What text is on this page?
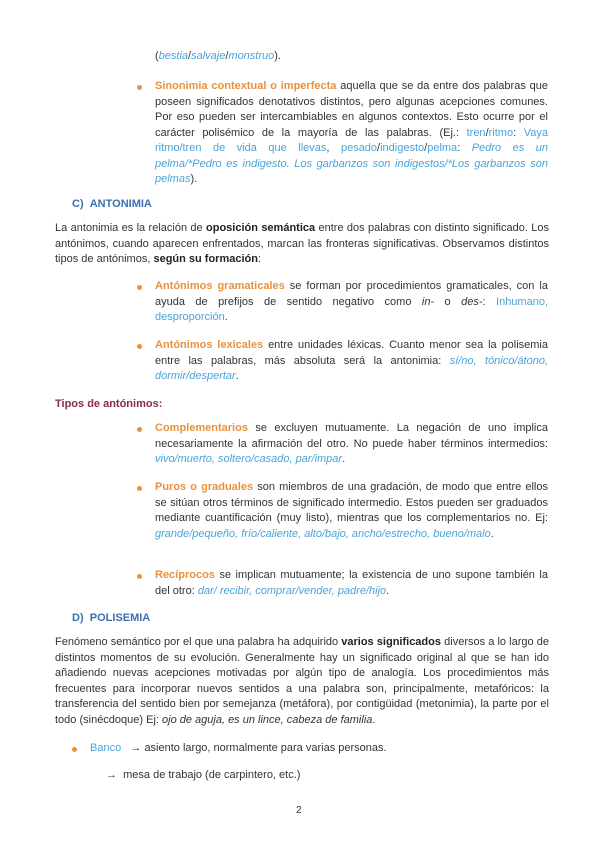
(bestia/salvaje/monstruo).
Sinonimia contextual o imperfecta aquella que se da entre dos palabras que poseen significados denotativos distintos, pero algunas acepciones comunes. Por eso pueden ser intercambiables en algunos contextos. Esto ocurre por el carácter polisémico de la mayoría de las palabras. (Ej.: tren/ritmo: Vaya ritmo/tren de vida que llevas, pesado/indigesto/pelma: Pedro es un pelma/*Pedro es indigesto. Los garbanzos son indigestos/*Los garbanzos son pelmas).
C) ANTONIMIA
La antonimia es la relación de oposición semántica entre dos palabras con distinto significado. Los antónimos, cuando aparecen enfrentados, marcan las fronteras significativas. Observamos distintos tipos de antónimos, según su formación:
Antónimos gramaticales se forman por procedimientos gramaticales, con la ayuda de prefijos de sentido negativo como in- o des-: Inhumano, desproporción.
Antónimos lexicales entre unidades léxicas. Cuanto menor sea la polisemia entre las palabras, más absoluta será la antonimia: sí/no, tónico/átono, dormir/despertar.
Tipos de antónimos:
Complementarios se excluyen mutuamente. La negación de uno implica necesariamente la afirmación del otro. No puede haber términos intermedios: vivo/muerto, soltero/casado, par/impar.
Puros o graduales son miembros de una gradación, de modo que entre ellos se sitúan otros términos de significado intermedio. Estos pueden ser graduados mediante cuantificación (muy listo), mientras que los complementarios no. Ej: grande/pequeño, frío/caliente, alto/bajo, ancho/estrecho, bueno/malo.
Recíprocos se implican mutuamente; la existencia de uno supone también la del otro: dar/ recibir, comprar/vender, padre/hijo.
D) POLISEMIA
Fenómeno semántico por el que una palabra ha adquirido varios significados diversos a lo largo de distintos momentos de su evolución. Generalmente hay un significado original al que se han ido añadiendo nuevas acepciones motivadas por algún tipo de analogía. Los procedimientos más frecuentes para incorporar nuevos sentidos a una palabra son, principalmente, metafóricos: la transferencia del sentido bien por semejanza (metáfora), por contigüidad (metonimia), la parte por el todo (sinécdoque) Ej: ojo de aguja, es un lince, cabeza de familia.
Banco → asiento largo, normalmente para varias personas.
→ mesa de trabajo (de carpintero, etc.)
2
